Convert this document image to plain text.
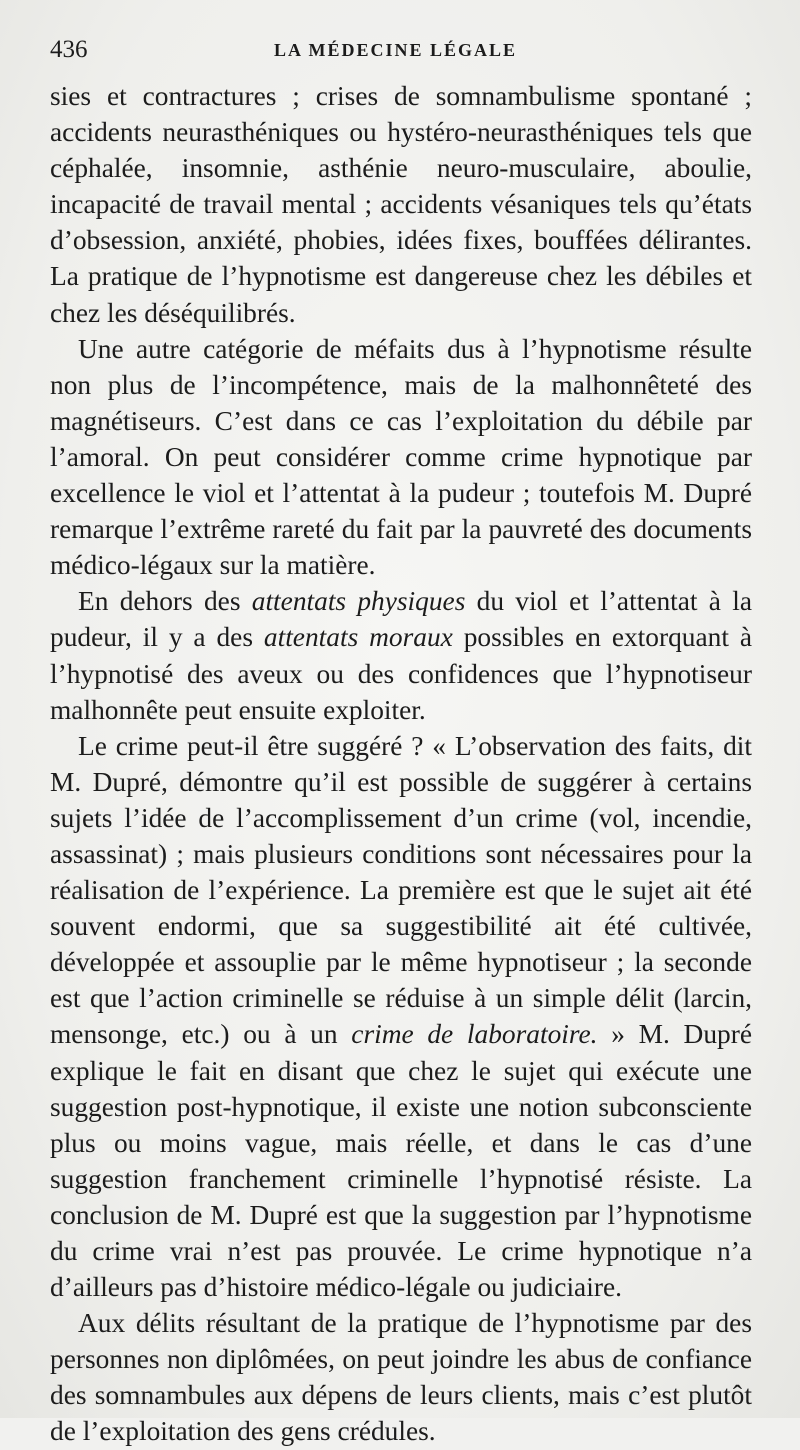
436	LA MÉDECINE LÉGALE

sies et contractures ; crises de somnambulisme spontané ; accidents neurasthéniques ou hystéro-neurasthéniques tels que céphalée, insomnie, asthénie neuro-musculaire, aboulie, incapacité de travail mental ; accidents vésaniques tels qu’états d’obsession, anxiété, phobies, idées fixes, bouffées délirantes. La pratique de l’hypnotisme est dangereuse chez les débiles et chez les déséquilibrés.

Une autre catégorie de méfaits dus à l’hypnotisme résulte non plus de l’incompétence, mais de la malhonnêteté des magnétiseurs. C’est dans ce cas l’exploitation du débile par l’amoral. On peut considérer comme crime hypnotique par excellence le viol et l’attentat à la pudeur ; toutefois M. Dupré remarque l’extrême rareté du fait par la pauvreté des documents médico-légaux sur la matière.

En dehors des attentats physiques du viol et l’attentat à la pudeur, il y a des attentats moraux possibles en extorquant à l’hypnotisé des aveux ou des confidences que l’hypnotiseur malhonnête peut ensuite exploiter.

Le crime peut-il être suggéré ? « L’observation des faits, dit M. Dupré, démontre qu’il est possible de suggérer à certains sujets l’idée de l’accomplissement d’un crime (vol, incendie, assassinat) ; mais plusieurs conditions sont nécessaires pour la réalisation de l’expérience. La première est que le sujet ait été souvent endormi, que sa suggestibilité ait été cultivée, développée et assouplie par le même hypnotiseur ; la seconde est que l’action criminelle se réduise à un simple délit (larcin, mensonge, etc.) ou à un crime de laboratoire. » M. Dupré explique le fait en disant que chez le sujet qui exécute une suggestion post-hypnotique, il existe une notion subconsciente plus ou moins vague, mais réelle, et dans le cas d’une suggestion franchement criminelle l’hypnotisé résiste. La conclusion de M. Dupré est que la suggestion par l’hypnotisme du crime vrai n’est pas prouvée. Le crime hypnotique n’a d’ailleurs pas d’histoire médico-légale ou judiciaire.

Aux délits résultant de la pratique de l’hypnotisme par des personnes non diplômées, on peut joindre les abus de confiance des somnambules aux dépens de leurs clients, mais c’est plutôt de l’exploitation des gens crédules.
